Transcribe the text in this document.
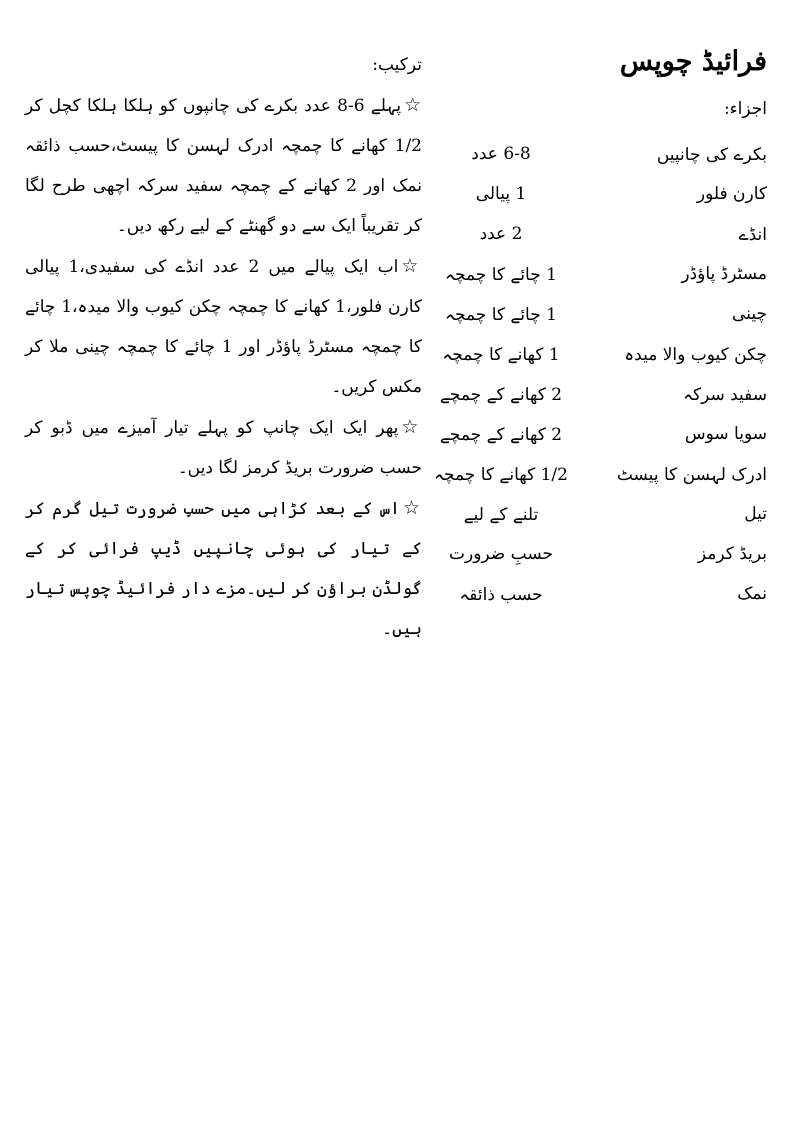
فرائیڈ چوپس
اجزاء:
بکرے کی چانپیں
6-8 عدد
کارن فلور
1 پیالی
انڈے
2 عدد
مسٹرڈ پاؤڈر
1 چائے کا چمچہ
چینی
1 چائے کا چمچہ
چکن کیوب والا میدہ
1 کھانے کا چمچہ
سفید سرکہ
2 کھانے کے چمچے
سویا سوس
2 کھانے کے چمچے
ادرک لہسن کا پیسٹ
1/2 کھانے کا چمچہ
تیل
تلنے کے لیے
بریڈ کرمز
حسبِ ضرورت
نمک
حسب ذائقہ
ترکیب:

☆پہلے 6-8 عدد بکرے کی چانپوں کو ہلکا ہلکا کچل کر 1/2 کھانے کا چمچہ ادرک لہسن کا پیسٹ،حسب ذائقہ نمک اور 2 کھانے کے چمچہ سفید سرکہ اچھی طرح لگا کر تقریباً ایک سے دو گھنٹے کے لیے رکھ دیں۔

☆اب ایک پیالے میں 2 عدد انڈے کی سفیدی،1 پیالی کارن فلور،1 کھانے کا چمچہ چکن کیوب والا میدہ،1 چائے کا چمچہ مسٹرڈ پاؤڈر اور 1 چائے کا چمچہ چینی ملا کر مکس کریں۔

☆پھر ایک ایک چانپ کو پہلے تیار آمیزے میں ڈبو کر حسب ضرورت بریڈ کرمز لگا دیں۔

☆اس کے بعد کڑاہی میں حسبِ ضرورت تیل گرم کر کے تیار کی ہوئی چانپیں ڈیپ فرائی کر کے گولڈن براؤن کر لیں۔مزے دار فرائیڈ چوپس تیار ہیں۔
